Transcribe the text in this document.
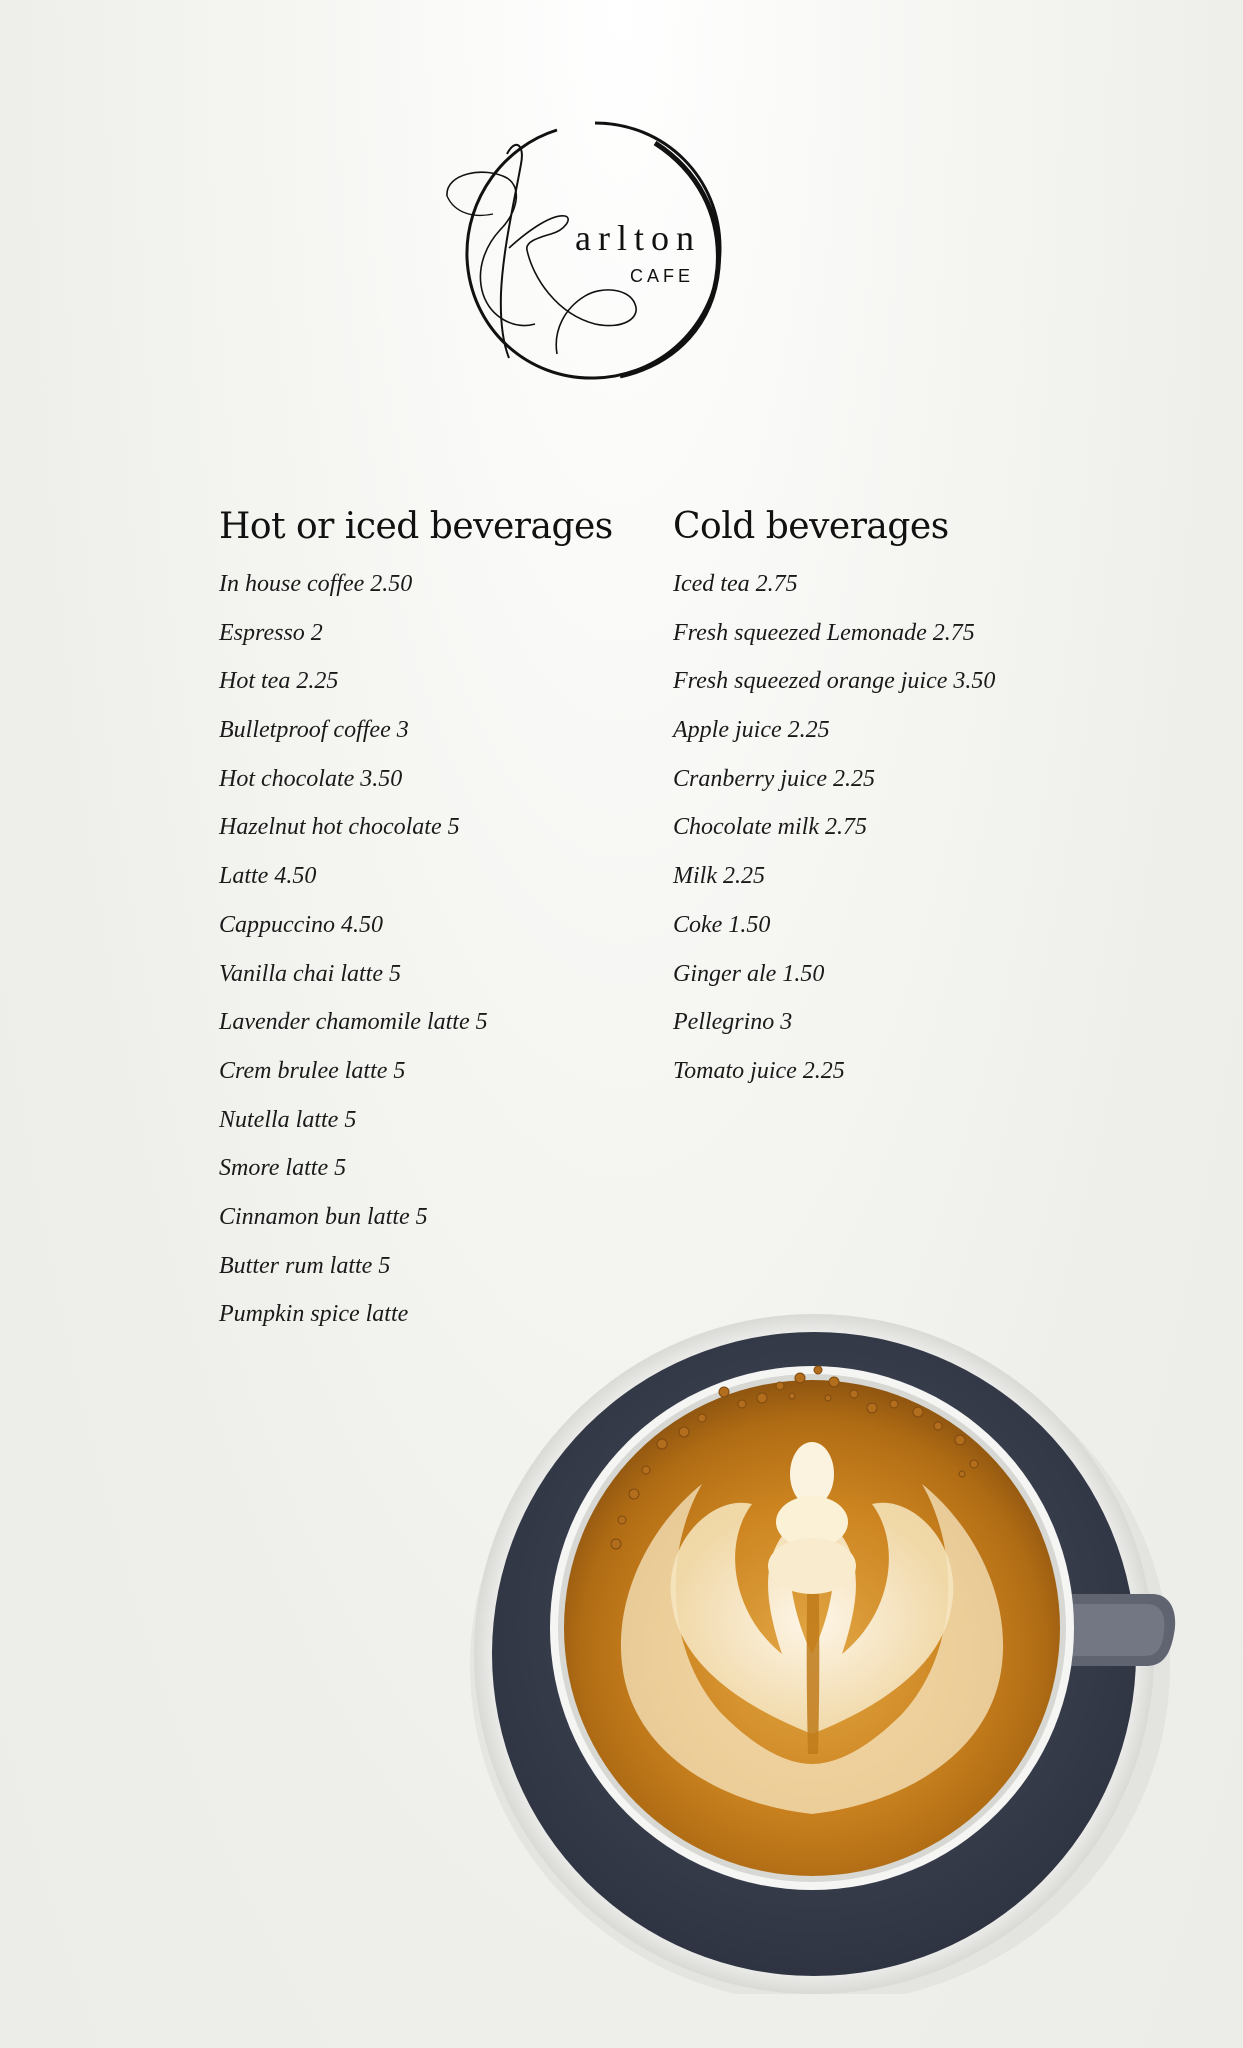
arlton
CAFE
Hot or iced beverages
In house coffee 2.50
Espresso 2
Hot tea 2.25
Bulletproof coffee 3
Hot chocolate 3.50
Hazelnut hot chocolate 5
Latte 4.50
Cappuccino 4.50
Vanilla chai latte 5
Lavender chamomile latte 5
Crem brulee latte 5
Nutella latte 5
Smore latte 5
Cinnamon bun latte 5
Butter rum latte 5
Pumpkin spice latte
Cold beverages
Iced tea 2.75
Fresh squeezed Lemonade 2.75
Fresh squeezed orange juice 3.50
Apple juice 2.25
Cranberry juice 2.25
Chocolate milk 2.75
Milk 2.25
Coke 1.50
Ginger ale 1.50
Pellegrino 3
Tomato juice 2.25
